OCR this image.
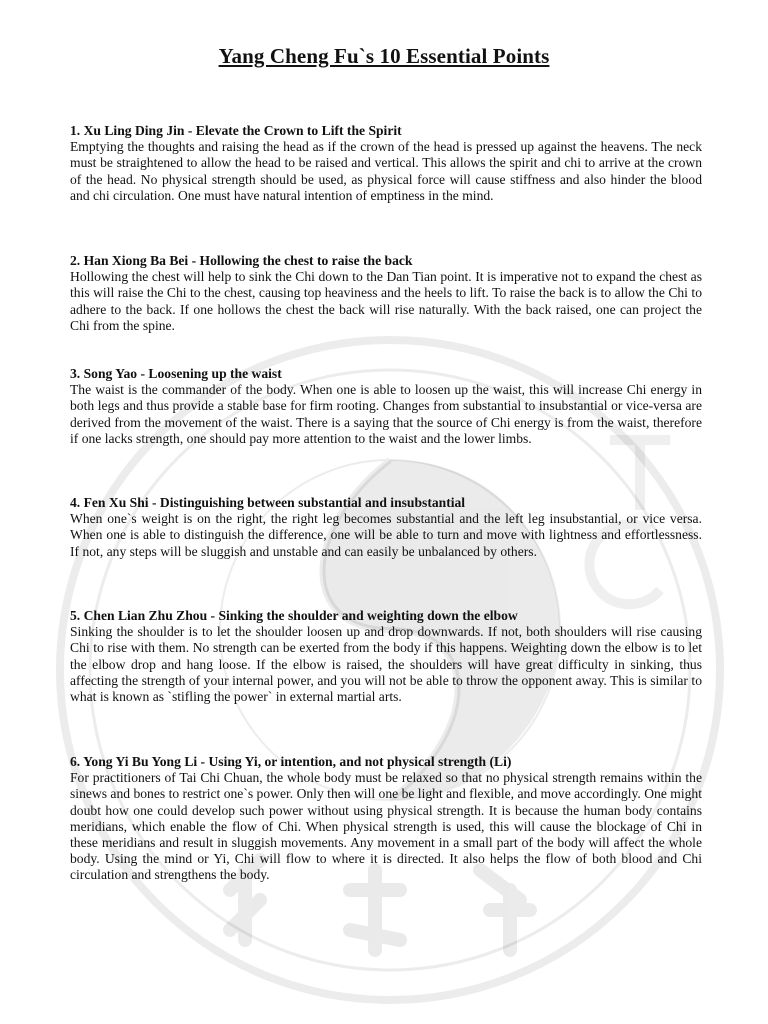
Yang Cheng Fu`s 10 Essential Points
1. Xu Ling Ding Jin - Elevate the Crown to Lift the Spirit
Emptying the thoughts and raising the head as if the crown of the head is pressed up against the heavens. The neck must be straightened to allow the head to be raised and vertical. This allows the spirit and chi to arrive at the crown of the head. No physical strength should be used, as physical force will cause stiffness and also hinder the blood and chi circulation. One must have natural intention of emptiness in the mind.
2. Han Xiong Ba Bei - Hollowing the chest to raise the back
Hollowing the chest will help to sink the Chi down to the Dan Tian point. It is imperative not to expand the chest as this will raise the Chi to the chest, causing top heaviness and the heels to lift. To raise the back is to allow the Chi to adhere to the back. If one hollows the chest the back will rise naturally. With the back raised, one can project the Chi from the spine.
3. Song Yao - Loosening up the waist
The waist is the commander of the body. When one is able to loosen up the waist, this will increase Chi energy in both legs and thus provide a stable base for firm rooting. Changes from substantial to insubstantial or vice-versa are derived from the movement of the waist. There is a saying that the source of Chi energy is from the waist, therefore if one lacks strength, one should pay more attention to the waist and the lower limbs.
4. Fen Xu Shi - Distinguishing between substantial and insubstantial
When one`s weight is on the right, the right leg becomes substantial and the left leg insubstantial, or vice versa. When one is able to distinguish the difference, one will be able to turn and move with lightness and effortlessness. If not, any steps will be sluggish and unstable and can easily be unbalanced by others.
5. Chen Lian Zhu Zhou - Sinking the shoulder and weighting down the elbow
Sinking the shoulder is to let the shoulder loosen up and drop downwards. If not, both shoulders will rise causing Chi to rise with them. No strength can be exerted from the body if this happens. Weighting down the elbow is to let the elbow drop and hang loose. If the elbow is raised, the shoulders will have great difficulty in sinking, thus affecting the strength of your internal power, and you will not be able to throw the opponent away. This is similar to what is known as `stifling the power` in external martial arts.
6. Yong Yi Bu Yong Li - Using Yi, or intention, and not physical strength (Li)
For practitioners of Tai Chi Chuan, the whole body must be relaxed so that no physical strength remains within the sinews and bones to restrict one`s power. Only then will one be light and flexible, and move accordingly. One might doubt how one could develop such power without using physical strength. It is because the human body contains meridians, which enable the flow of Chi. When physical strength is used, this will cause the blockage of Chi in these meridians and result in sluggish movements. Any movement in a small part of the body will affect the whole body. Using the mind or Yi, Chi will flow to where it is directed. It also helps the flow of both blood and Chi circulation and strengthens the body.
